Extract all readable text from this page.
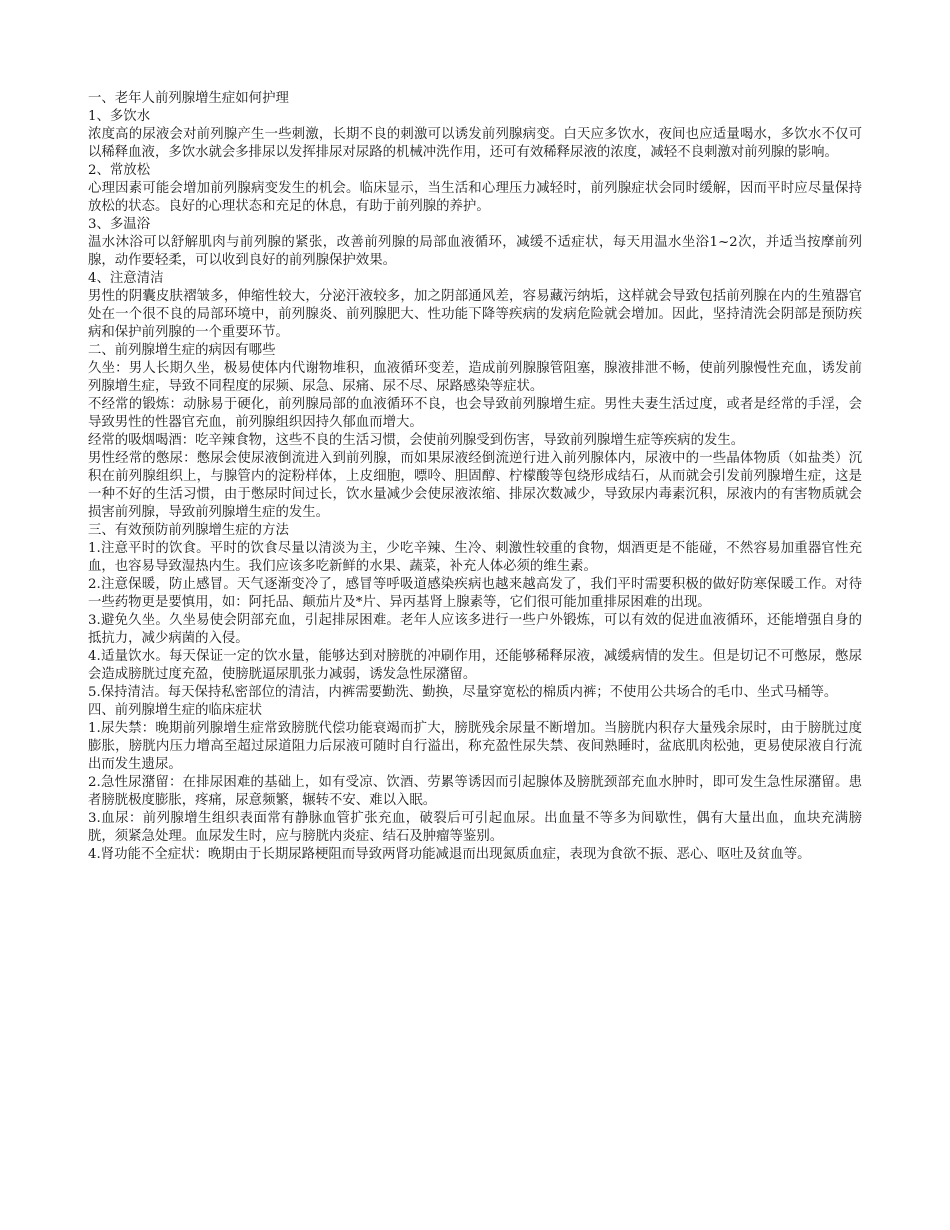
一、老年人前列腺增生症如何护理
1、多饮水
浓度高的尿液会对前列腺产生一些刺激，长期不良的刺激可以诱发前列腺病变。白天应多饮水，夜间也应适量喝水，多饮水不仅可以稀释血液，多饮水就会多排尿以发挥排尿对尿路的机械冲洗作用，还可有效稀释尿液的浓度，减轻不良刺激对前列腺的影响。
2、常放松
心理因素可能会增加前列腺病变发生的机会。临床显示，当生活和心理压力减轻时，前列腺症状会同时缓解，因而平时应尽量保持放松的状态。良好的心理状态和充足的休息，有助于前列腺的养护。
3、多温浴
温水沐浴可以舒解肌肉与前列腺的紧张，改善前列腺的局部血液循环，减缓不适症状，每天用温水坐浴1~2次，并适当按摩前列腺，动作要轻柔，可以收到良好的前列腺保护效果。
4、注意清洁
男性的阴囊皮肤褶皱多，伸缩性较大，分泌汗液较多，加之阴部通风差，容易藏污纳垢，这样就会导致包括前列腺在内的生殖器官处在一个很不良的局部环境中，前列腺炎、前列腺肥大、性功能下降等疾病的发病危险就会增加。因此，坚持清洗会阴部是预防疾病和保护前列腺的一个重要环节。
二、前列腺增生症的病因有哪些
久坐：男人长期久坐，极易使体内代谢物堆积，血液循环变差，造成前列腺腺管阻塞，腺液排泄不畅，使前列腺慢性充血，诱发前列腺增生症，导致不同程度的尿频、尿急、尿痛、尿不尽、尿路感染等症状。
不经常的锻炼：动脉易于硬化，前列腺局部的血液循环不良，也会导致前列腺增生症。男性夫妻生活过度，或者是经常的手淫，会导致男性的性器官充血，前列腺组织因持久郁血而增大。
经常的吸烟喝酒：吃辛辣食物，这些不良的生活习惯，会使前列腺受到伤害，导致前列腺增生症等疾病的发生。
男性经常的憋尿：憋尿会使尿液倒流进入到前列腺，而如果尿液经倒流逆行进入前列腺体内，尿液中的一些晶体物质（如盐类）沉积在前列腺组织上，与腺管内的淀粉样体，上皮细胞，嘌呤、胆固醇、柠檬酸等包绕形成结石，从而就会引发前列腺增生症，这是一种不好的生活习惯，由于憋尿时间过长，饮水量减少会使尿液浓缩、排尿次数减少，导致尿内毒素沉积，尿液内的有害物质就会损害前列腺，导致前列腺增生症的发生。
三、有效预防前列腺增生症的方法
1.注意平时的饮食。平时的饮食尽量以清淡为主，少吃辛辣、生冷、刺激性较重的食物，烟酒更是不能碰，不然容易加重器官性充血，也容易导致湿热内生。我们应该多吃新鲜的水果、蔬菜，补充人体必须的维生素。
2.注意保暖，防止感冒。天气逐渐变冷了，感冒等呼吸道感染疾病也越来越高发了，我们平时需要积极的做好防寒保暖工作。对待一些药物更是要慎用，如：阿托品、颠茄片及*片、异丙基肾上腺素等，它们很可能加重排尿困难的出现。
3.避免久坐。久坐易使会阴部充血，引起排尿困难。老年人应该多进行一些户外锻炼，可以有效的促进血液循环，还能增强自身的抵抗力，减少病菌的入侵。
4.适量饮水。每天保证一定的饮水量，能够达到对膀胱的冲刷作用，还能够稀释尿液，减缓病情的发生。但是切记不可憋尿，憋尿会造成膀胱过度充盈，使膀胱逼尿肌张力减弱，诱发急性尿潴留。
5.保持清洁。每天保持私密部位的清洁，内裤需要勤洗、勤换，尽量穿宽松的棉质内裤；不使用公共场合的毛巾、坐式马桶等。
四、前列腺增生症的临床症状
1.尿失禁：晚期前列腺增生症常致膀胱代偿功能衰竭而扩大，膀胱残余尿量不断增加。当膀胱内积存大量残余尿时，由于膀胱过度膨胀，膀胱内压力增高至超过尿道阻力后尿液可随时自行溢出，称充盈性尿失禁、夜间熟睡时，盆底肌肉松弛，更易使尿液自行流出而发生遗尿。
2.急性尿潴留：在排尿困难的基础上，如有受凉、饮酒、劳累等诱因而引起腺体及膀胱颈部充血水肿时，即可发生急性尿潴留。患者膀胱极度膨胀，疼痛，尿意频繁，辗转不安、难以入眠。
3.血尿：前列腺增生组织表面常有静脉血管扩张充血，破裂后可引起血尿。出血量不等多为间歇性，偶有大量出血，血块充满膀胱，须紧急处理。血尿发生时，应与膀胱内炎症、结石及肿瘤等鉴别。
4.肾功能不全症状：晚期由于长期尿路梗阻而导致两肾功能减退而出现氮质血症，表现为食欲不振、恶心、呕吐及贫血等。
